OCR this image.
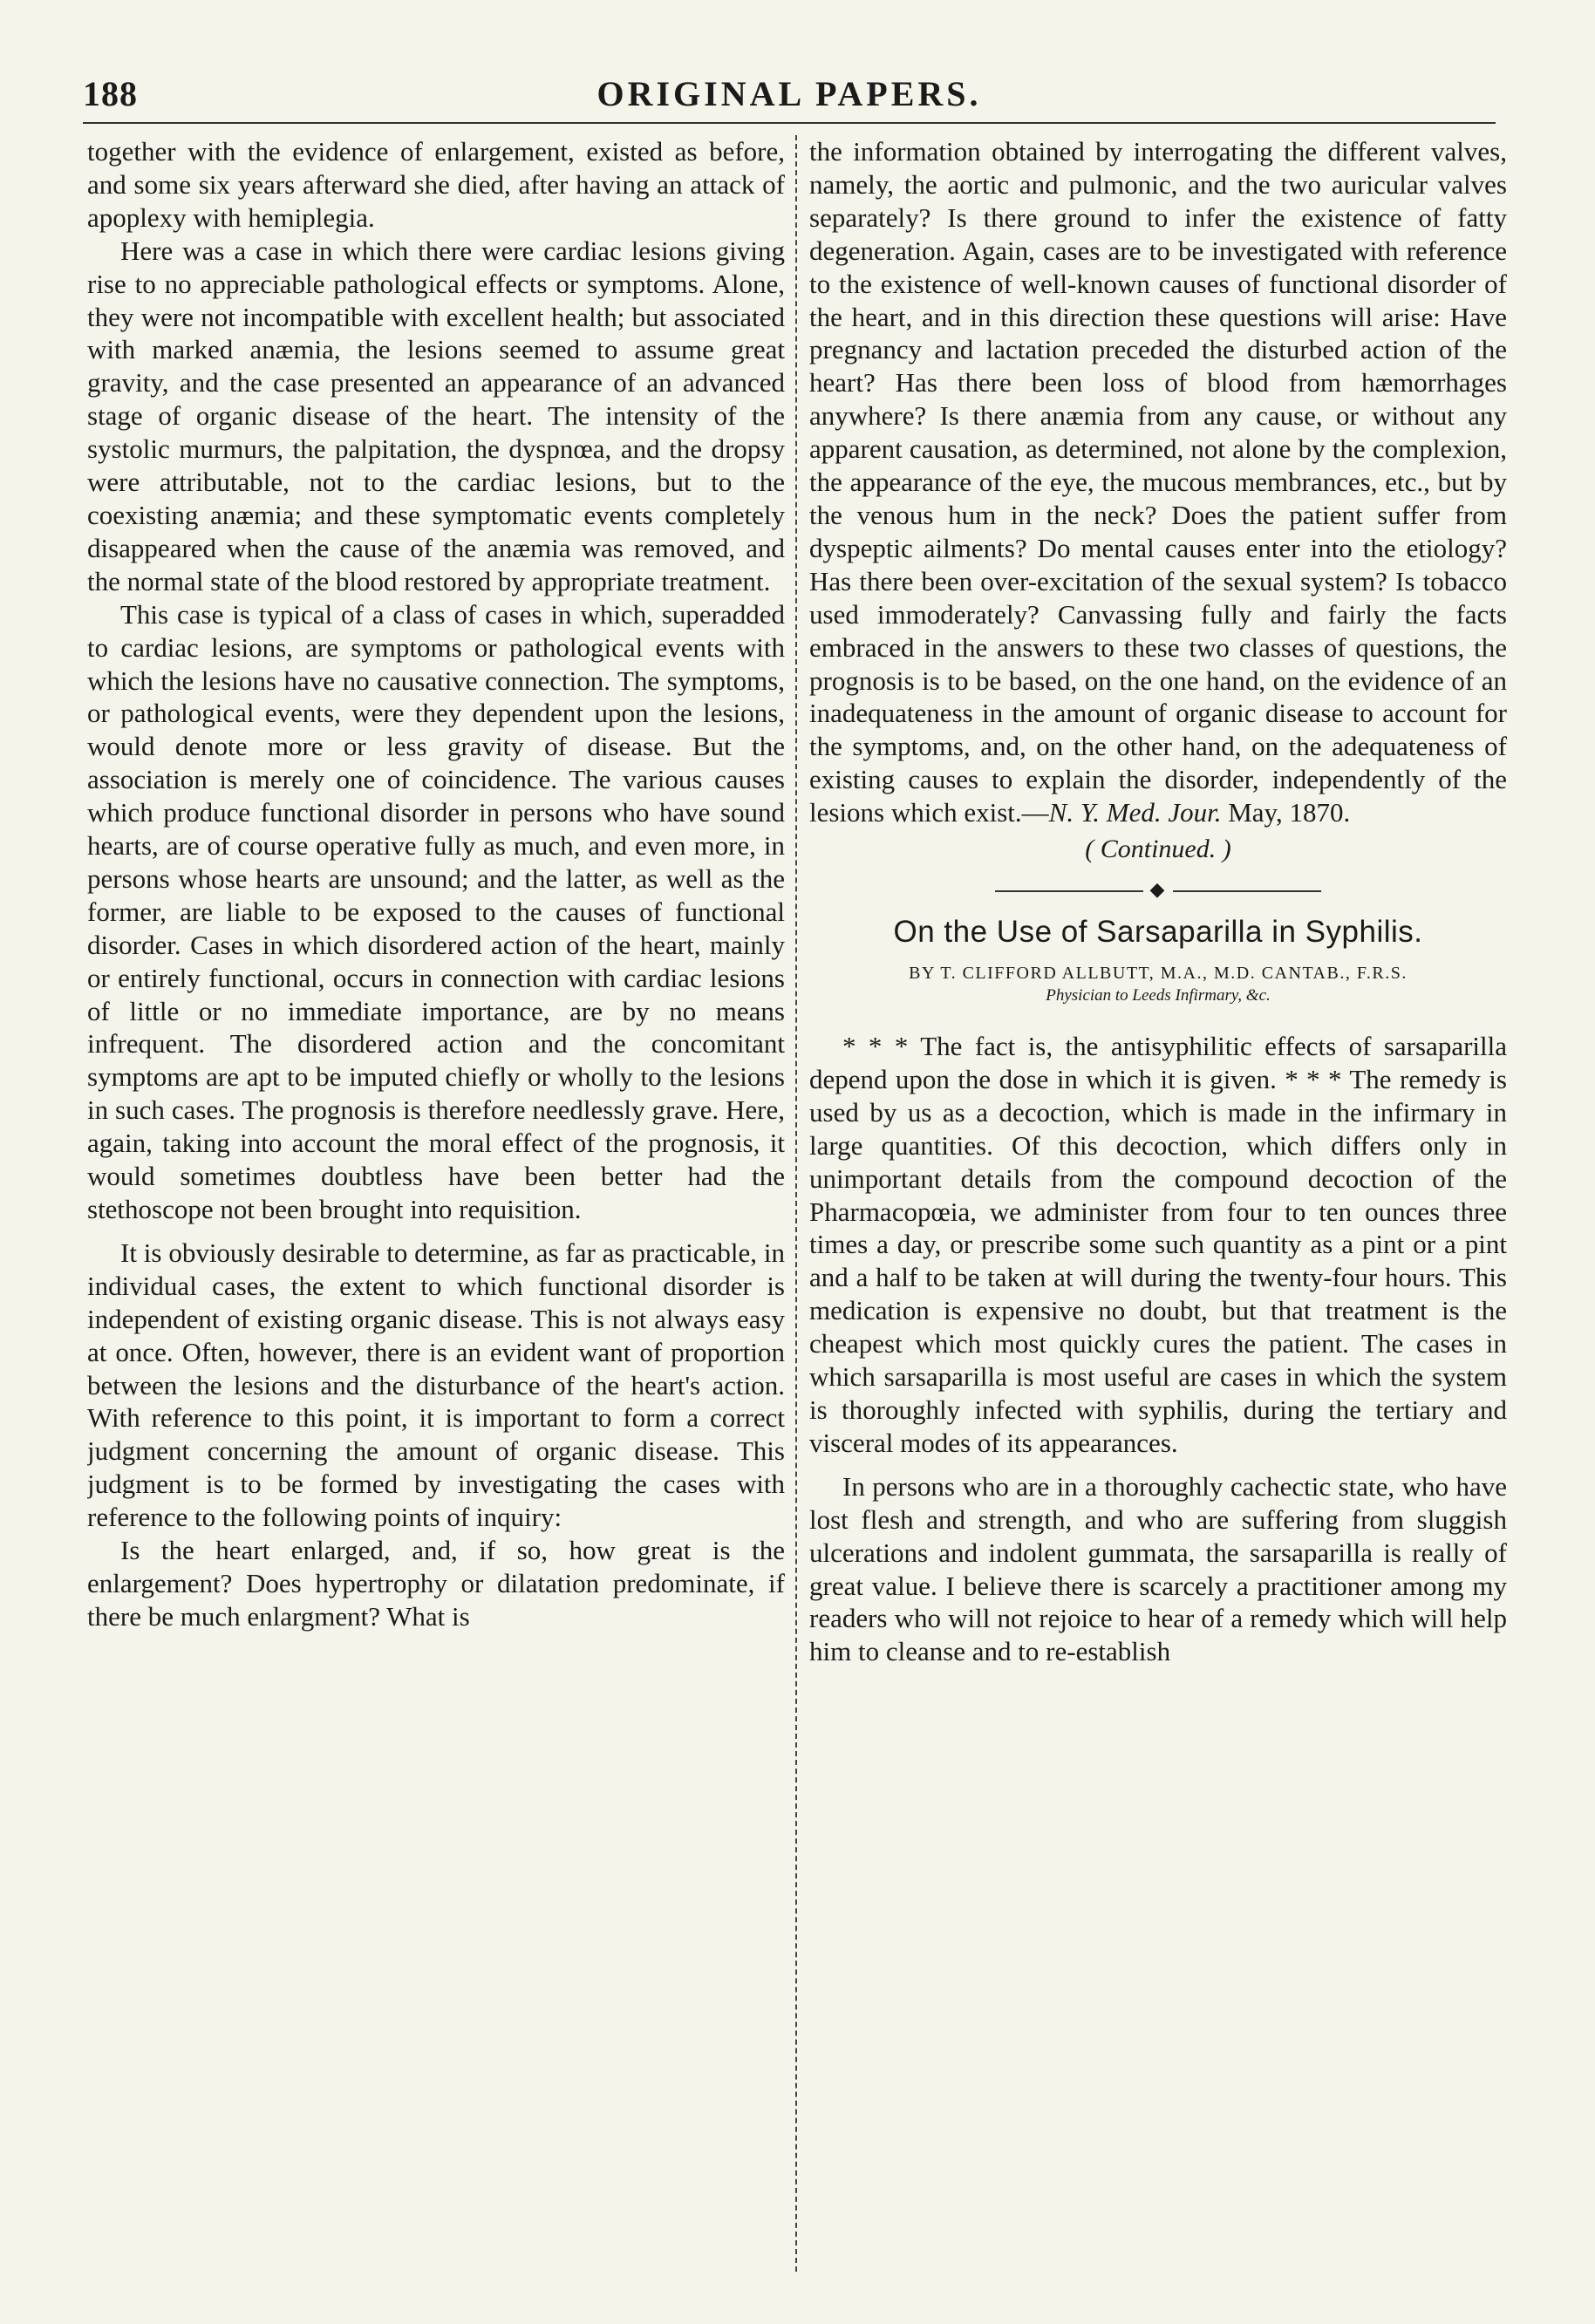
188	ORIGINAL PAPERS.

together with the evidence of enlargement, existed as before, and some six years afterward she died, after having an attack of apoplexy with hemiplegia.

Here was a case in which there were cardiac lesions giving rise to no appreciable pathological effects or symptoms. Alone, they were not incompatible with excellent health; but associated with marked anæmia, the lesions seemed to assume great gravity, and the case presented an appearance of an advanced stage of organic disease of the heart. The intensity of the systolic murmurs, the palpitation, the dyspnœa, and the dropsy were attributable, not to the cardiac lesions, but to the coexisting anæmia; and these symptomatic events completely disappeared when the cause of the anæmia was removed, and the normal state of the blood restored by appropriate treatment.

This case is typical of a class of cases in which, superadded to cardiac lesions, are symptoms or pathological events with which the lesions have no causative connection. The symptoms, or pathological events, were they dependent upon the lesions, would denote more or less gravity of disease. But the association is merely one of coincidence. The various causes which produce functional disorder in persons who have sound hearts, are of course operative fully as much, and even more, in persons whose hearts are unsound; and the latter, as well as the former, are liable to be exposed to the causes of functional disorder. Cases in which disordered action of the heart, mainly or entirely functional, occurs in connection with cardiac lesions of little or no immediate importance, are by no means infrequent. The disordered action and the concomitant symptoms are apt to be imputed chiefly or wholly to the lesions in such cases. The prognosis is therefore needlessly grave. Here, again, taking into account the moral effect of the prognosis, it would sometimes doubtless have been better had the stethoscope not been brought into requisition.

It is obviously desirable to determine, as far as practicable, in individual cases, the extent to which functional disorder is independent of existing organic disease. This is not always easy at once. Often, however, there is an evident want of proportion between the lesions and the disturbance of the heart's action. With reference to this point, it is important to form a correct judgment concerning the amount of organic disease. This judgment is to be formed by investigating the cases with reference to the following points of inquiry:

Is the heart enlarged, and, if so, how great is the enlargement? Does hypertrophy or dilatation predominate, if there be much enlargment? What is

the information obtained by interrogating the different valves, namely, the aortic and pulmonic, and the two auricular valves separately? Is there ground to infer the existence of fatty degeneration. Again, cases are to be investigated with reference to the existence of well-known causes of functional disorder of the heart, and in this direction these questions will arise: Have pregnancy and lactation preceded the disturbed action of the heart? Has there been loss of blood from hæmorrhages anywhere? Is there anæmia from any cause, or without any apparent causation, as determined, not alone by the complexion, the appearance of the eye, the mucous membrances, etc., but by the venous hum in the neck? Does the patient suffer from dyspeptic ailments? Do mental causes enter into the etiology? Has there been over-excitation of the sexual system? Is tobacco used immoderately? Canvassing fully and fairly the facts embraced in the answers to these two classes of questions, the prognosis is to be based, on the one hand, on the evidence of an inadequateness in the amount of organic disease to account for the symptoms, and, on the other hand, on the adequateness of existing causes to explain the disorder, independently of the lesions which exist.—N. Y. Med. Jour. May, 1870.

( Continued. )
◆
On the Use of Sarsaparilla in Syphilis.
BY T. CLIFFORD ALLBUTT, M.A., M.D. CANTAB., F.R.S.
Physician to Leeds Infirmary, &c.

* * * The fact is, the antisyphilitic effects of sarsaparilla depend upon the dose in which it is given. * * * The remedy is used by us as a decoction, which is made in the infirmary in large quantities. Of this decoction, which differs only in unimportant details from the compound decoction of the Pharmacopœia, we administer from four to ten ounces three times a day, or prescribe some such quantity as a pint or a pint and a half to be taken at will during the twenty-four hours. This medication is expensive no doubt, but that treatment is the cheapest which most quickly cures the patient. The cases in which sarsaparilla is most useful are cases in which the system is thoroughly infected with syphilis, during the tertiary and visceral modes of its appearances.

In persons who are in a thoroughly cachectic state, who have lost flesh and strength, and who are suffering from sluggish ulcerations and indolent gummata, the sarsaparilla is really of great value. I believe there is scarcely a practitioner among my readers who will not rejoice to hear of a remedy which will help him to cleanse and to re-establish
